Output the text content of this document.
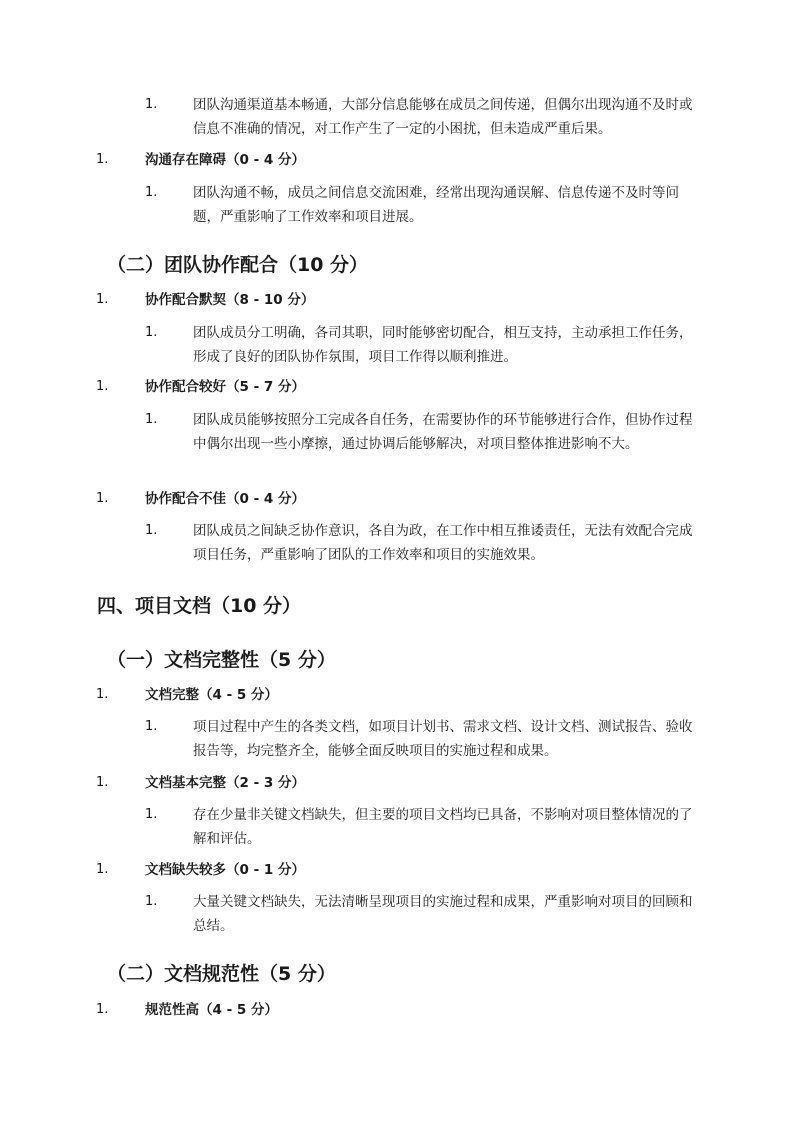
1.	团队沟通渠道基本畅通，大部分信息能够在成员之间传递，但偶尔出现沟通不及时或信息不准确的情况，对工作产生了一定的小困扰，但未造成严重后果。
1.	沟通存在障碍（0 - 4 分）
1.	团队沟通不畅，成员之间信息交流困难，经常出现沟通误解、信息传递不及时等问题，严重影响了工作效率和项目进展。
（二）团队协作配合（10 分）
1.	协作配合默契（8 - 10 分）
1.	团队成员分工明确，各司其职，同时能够密切配合，相互支持，主动承担工作任务，形成了良好的团队协作氛围，项目工作得以顺利推进。
1.	协作配合较好（5 - 7 分）
1.	团队成员能够按照分工完成各自任务，在需要协作的环节能够进行合作，但协作过程中偶尔出现一些小摩擦，通过协调后能够解决，对项目整体推进影响不大。
1.	协作配合不佳（0 - 4 分）
1.	团队成员之间缺乏协作意识，各自为政，在工作中相互推诿责任，无法有效配合完成项目任务，严重影响了团队的工作效率和项目的实施效果。
四、项目文档（10 分）
（一）文档完整性（5 分）
1.	文档完整（4 - 5 分）
1.	项目过程中产生的各类文档，如项目计划书、需求文档、设计文档、测试报告、验收报告等，均完整齐全，能够全面反映项目的实施过程和成果。
1.	文档基本完整（2 - 3 分）
1.	存在少量非关键文档缺失，但主要的项目文档均已具备，不影响对项目整体情况的了解和评估。
1.	文档缺失较多（0 - 1 分）
1.	大量关键文档缺失，无法清晰呈现项目的实施过程和成果，严重影响对项目的回顾和总结。
（二）文档规范性（5 分）
1.	规范性高（4 - 5 分）
